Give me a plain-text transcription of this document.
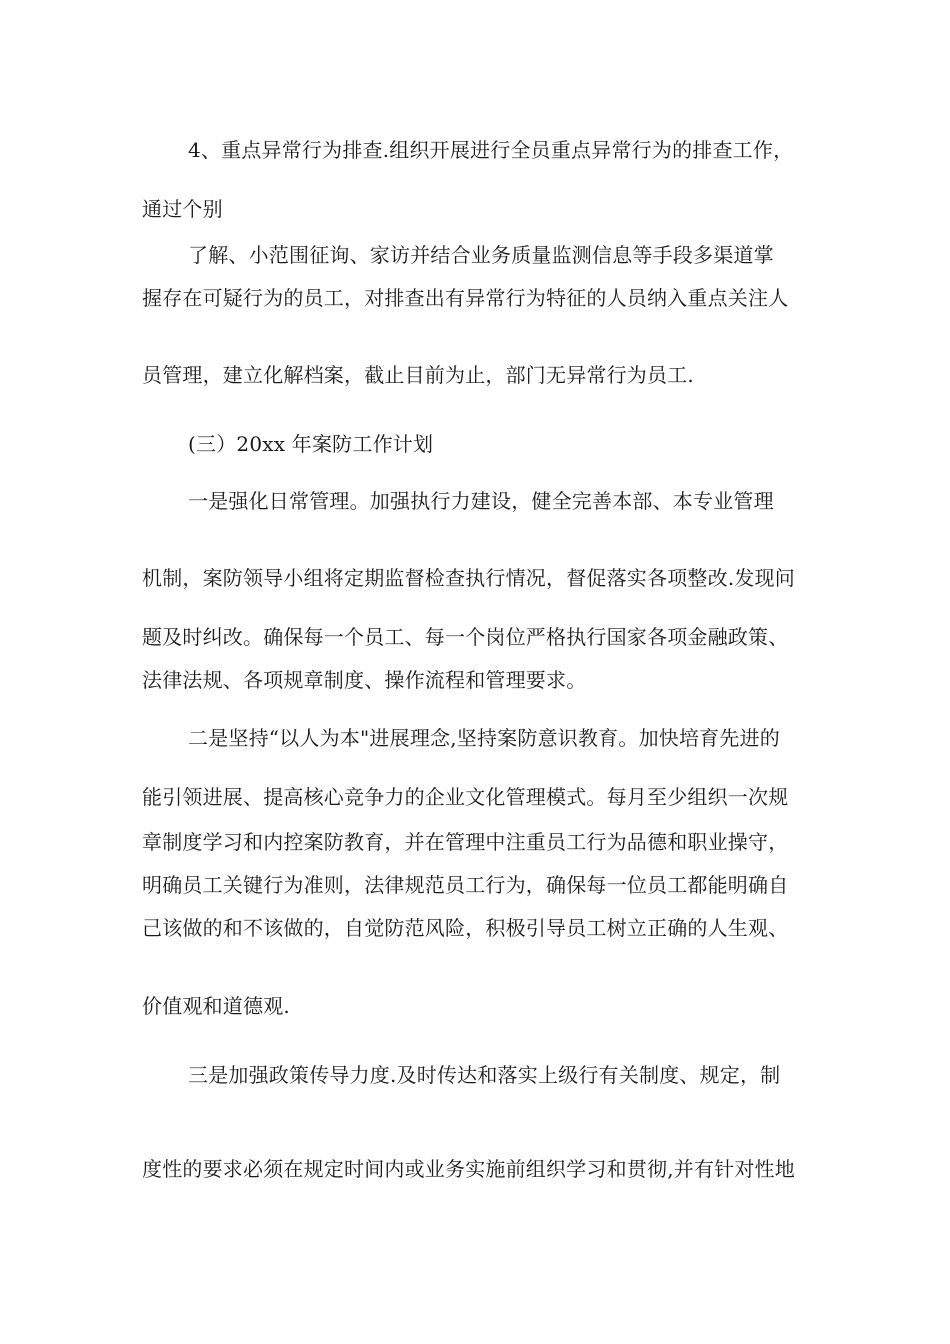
4、重点异常行为排查.组织开展进行全员重点异常行为的排查工作，
通过个别
了解、小范围征询、家访并结合业务质量监测信息等手段多渠道掌
握存在可疑行为的员工，对排查出有异常行为特征的人员纳入重点关注人
员管理，建立化解档案，截止目前为止，部门无异常行为员工.
(三）20xx 年案防工作计划
一是强化日常管理。加强执行力建设，健全完善本部、本专业管理
机制，案防领导小组将定期监督检查执行情况，督促落实各项整改.发现问
题及时纠改。确保每一个员工、每一个岗位严格执行国家各项金融政策、
法律法规、各项规章制度、操作流程和管理要求。
二是坚持“以人为本"进展理念,坚持案防意识教育。加快培育先进的
能引领进展、提高核心竞争力的企业文化管理模式。每月至少组织一次规
章制度学习和内控案防教育，并在管理中注重员工行为品德和职业操守，
明确员工关键行为准则，法律规范员工行为，确保每一位员工都能明确自
己该做的和不该做的，自觉防范风险，积极引导员工树立正确的人生观、
价值观和道德观.
三是加强政策传导力度.及时传达和落实上级行有关制度、规定，制
度性的要求必须在规定时间内或业务实施前组织学习和贯彻,并有针对性地
